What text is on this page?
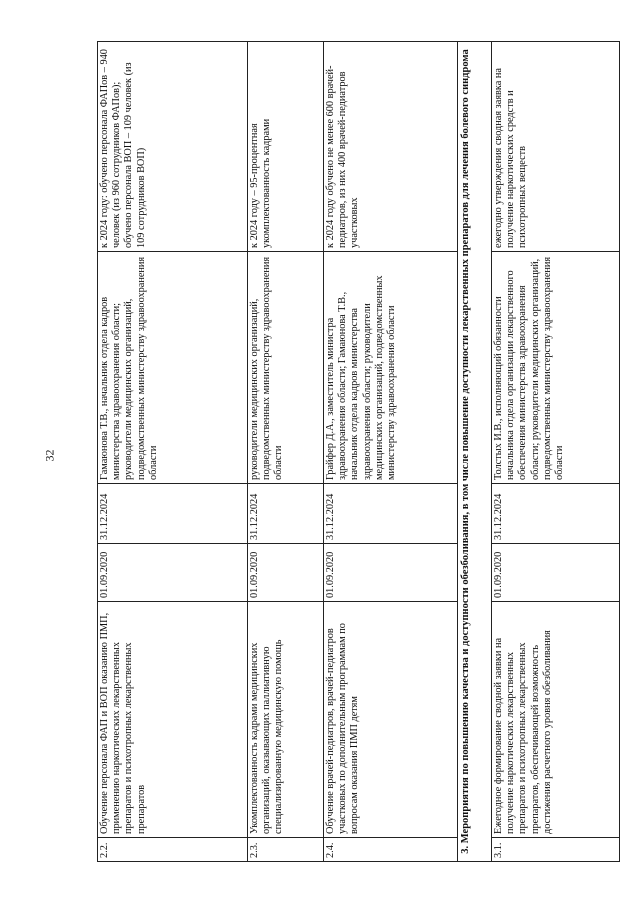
32
2.2.	Обучение персонала ФАП и ВОП оказанию ПМП, применению наркотических лекарственных препаратов и психотропных лекарственных препаратов	01.09.2020	31.12.2024	Гамаюнова Т.В., начальник отдела кадров министерства здравоохранения области; руководители медицинских организаций, подведомственных министерству здравоохранения области	к 2024 году: обучено персонала ФАПов – 940 человек (из 960 сотрудников ФАПов); обучено персонала ВОП – 109 человек (из 109 сотрудников ВОП)
2.3.	Укомплектованность кадрами медицинских организаций, оказывающих паллиативную специализированную медицинскую помощь	01.09.2020	31.12.2024	руководители медицинских организаций, подведомственных министерству здравоохранения области	к 2024 году – 95-процентная укомплектованность кадрами
2.4.	Обучение врачей-педиатров, врачей-педиатров участковых по дополнительным программам по вопросам оказания ПМП детям	01.09.2020	31.12.2024	Грайфер Д.А., заместитель министра здравоохранения области; Гамаюнова Т.В., начальник отдела кадров министерства здравоохранения области; руководители медицинских организаций, подведомственных министерству здравоохранения области	к 2024 году обучено не менее 600 врачей-педиатров, из них 400 врачей-педиатров участковых
3. Мероприятия по повышению качества и доступности обезболивания, в том числе повышение доступности лекарственных препаратов для лечения болевого синдрома					
3.1.	Ежегодное формирование сводной заявки на получение наркотических лекарственных препаратов и психотропных лекарственных препаратов, обеспечивающей возможность достижения расчетного уровня обезболивания	01.09.2020	31.12.2024	Толстых И.В., исполняющий обязанности начальника отдела организации лекарственного обеспечения министерства здравоохранения области; руководители медицинских организаций, подведомственных министерству здравоохранения области	ежегодно утверждения сводная заявка на получение наркотических средств и психотропных веществ
